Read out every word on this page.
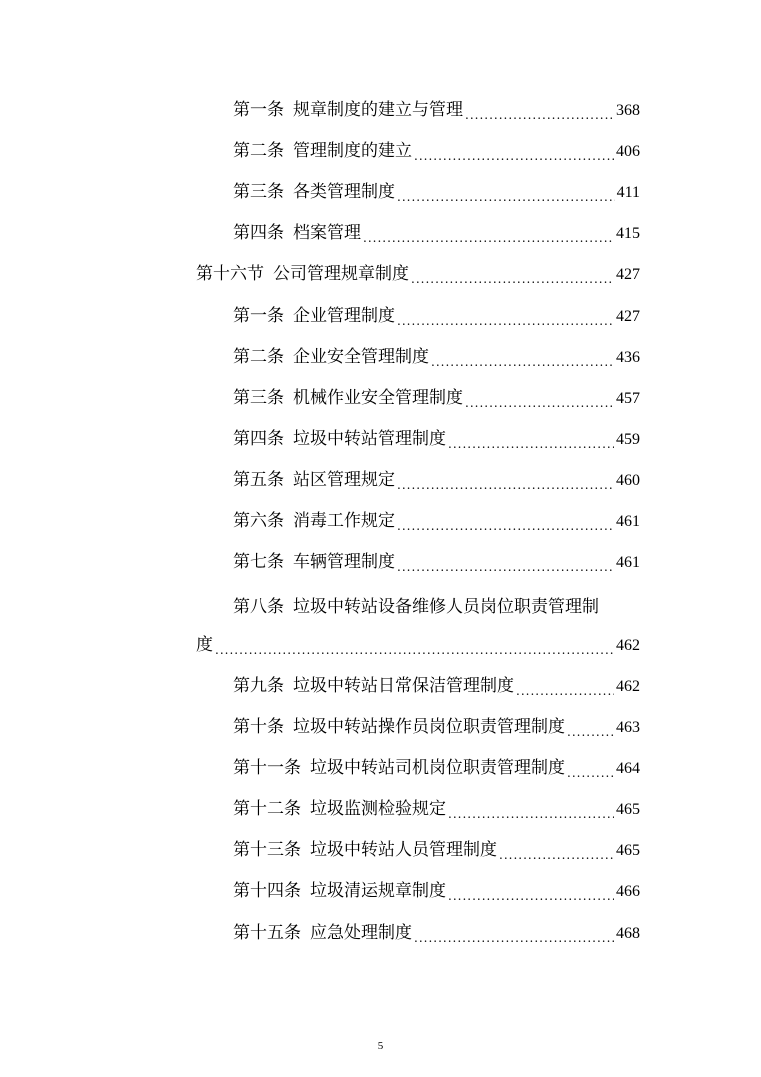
第一条 规章制度的建立与管理 .....	368
第二条 管理制度的建立 .....	406
第三条 各类管理制度 .....	411
第四条 档案管理 .....	415
第十六节 公司管理规章制度 .....	427
第一条 企业管理制度 .....	427
第二条 企业安全管理制度 .....	436
第三条 机械作业安全管理制度 .....	457
第四条 垃圾中转站管理制度 .....	459
第五条 站区管理规定 .....	460
第六条 消毒工作规定 .....	461
第七条 车辆管理制度 .....	461
第八条 垃圾中转站设备维修人员岗位职责管理制
度 .....	462
第九条 垃圾中转站日常保洁管理制度 .....	462
第十条 垃圾中转站操作员岗位职责管理制度 .....	463
第十一条 垃圾中转站司机岗位职责管理制度 .....	464
第十二条 垃圾监测检验规定 .....	465
第十三条 垃圾中转站人员管理制度 .....	465
第十四条 垃圾清运规章制度 .....	466
第十五条 应急处理制度 .....	468
5
